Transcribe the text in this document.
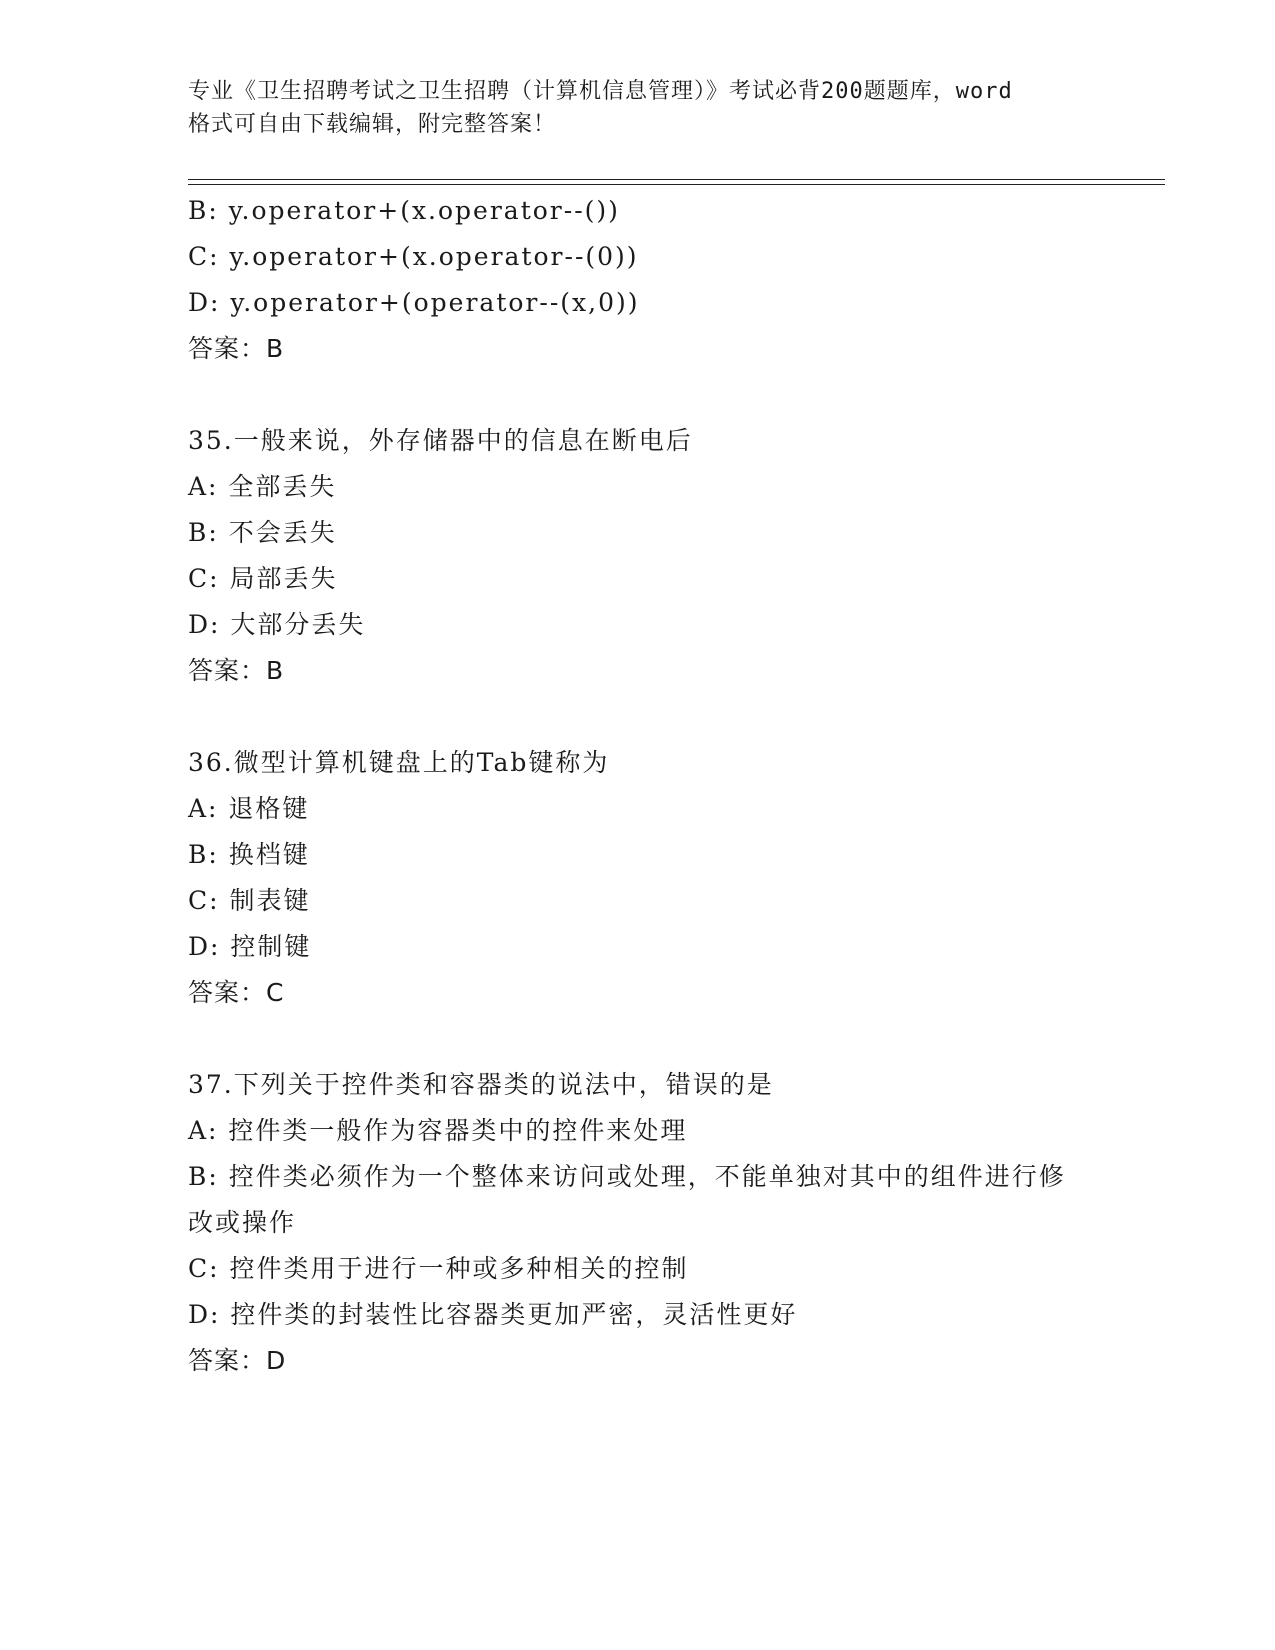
专业《卫生招聘考试之卫生招聘（计算机信息管理）》考试必背200题题库，word
格式可自由下载编辑，附完整答案！
B: y.operator+(x.operator--())
C: y.operator+(x.operator--(0))
D: y.operator+(operator--(x,0))
答案：B
35.一般来说，外存储器中的信息在断电后
A: 全部丢失
B: 不会丢失
C: 局部丢失
D: 大部分丢失
答案：B
36.微型计算机键盘上的Tab键称为
A: 退格键
B: 换档键
C: 制表键
D: 控制键
答案：C
37.下列关于控件类和容器类的说法中，错误的是
A: 控件类一般作为容器类中的控件来处理
B: 控件类必须作为一个整体来访问或处理，不能单独对其中的组件进行修改或操作
C: 控件类用于进行一种或多种相关的控制
D: 控件类的封装性比容器类更加严密，灵活性更好
答案：D
